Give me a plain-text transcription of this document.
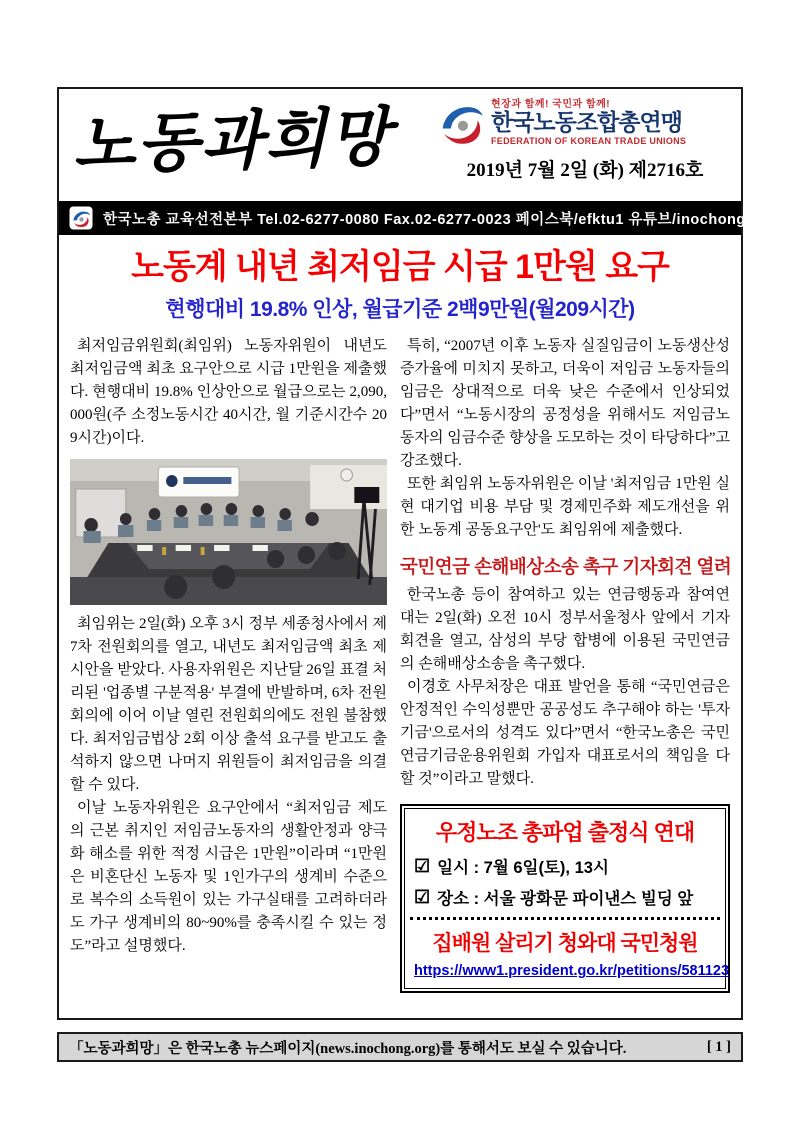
노동과희망	현장과 함께! 국민과 함께!
한국노동조합총연맹
FEDERATION OF KOREAN TRADE UNIONS
2019년 7월 2일 (화) 제2716호
한국노총 교육선전본부 Tel.02-6277-0080 Fax.02-6277-0023 페이스북/efktu1 유튜브/inochong
노동계 내년 최저임금 시급 1만원 요구
현행대비 19.8% 인상, 월급기준 2백9만원(월209시간)

최저임금위원회(최임위) 노동자위원이 내년도 최저임금액 최초 요구안으로 시급 1만원을 제출했다. 현행대비 19.8% 인상안으로 월급으로는 2,090,000원(주 소정노동시간 40시간, 월 기준시간수 209시간)이다.

최임위는 2일(화) 오후 3시 정부 세종청사에서 제7차 전원회의를 열고, 내년도 최저임금액 최초 제시안을 받았다. 사용자위원은 지난달 26일 표결 처리된 '업종별 구분적용' 부결에 반발하며, 6차 전원회의에 이어 이날 열린 전원회의에도 전원 불참했다. 최저임금법상 2회 이상 출석 요구를 받고도 출석하지 않으면 나머지 위원들이 최저임금을 의결할 수 있다.

이날 노동자위원은 요구안에서 “최저임금 제도의 근본 취지인 저임금노동자의 생활안정과 양극화 해소를 위한 적정 시급은 1만원”이라며 “1만원은 비혼단신 노동자 및 1인가구의 생계비 수준으로 복수의 소득원이 있는 가구실태를 고려하더라도 가구 생계비의 80~90%를 충족시킬 수 있는 정도”라고 설명했다.

특히, “2007년 이후 노동자 실질임금이 노동생산성 증가율에 미치지 못하고, 더욱이 저임금 노동자들의 임금은 상대적으로 더욱 낮은 수준에서 인상되었다”면서 “노동시장의 공정성을 위해서도 저임금노동자의 임금수준 향상을 도모하는 것이 타당하다”고 강조했다.

또한 최임위 노동자위원은 이날 '최저임금 1만원 실현 대기업 비용 부담 및 경제민주화 제도개선을 위한 노동계 공동요구안'도 최임위에 제출했다.

국민연금 손해배상소송 촉구 기자회견 열려

한국노총 등이 참여하고 있는 연금행동과 참여연대는 2일(화) 오전 10시 정부서울청사 앞에서 기자회견을 열고, 삼성의 부당 합병에 이용된 국민연금의 손해배상소송을 촉구했다.

이경호 사무처장은 대표 발언을 통해 “국민연금은 안정적인 수익성뿐만 공공성도 추구해야 하는 '투자기금'으로서의 성격도 있다”면서 “한국노총은 국민연금기금운용위원회 가입자 대표로서의 책임을 다할 것”이라고 말했다.

우정노조 총파업 출정식 연대
☑ 일시 : 7월 6일(토), 13시
☑ 장소 : 서울 광화문 파이낸스 빌딩 앞
집배원 살리기 청와대 국민청원
https://www1.president.go.kr/petitions/581123
「노동과희망」은 한국노총 뉴스페이지(news.inochong.org)를 통해서도 보실 수 있습니다.	[ 1 ]
